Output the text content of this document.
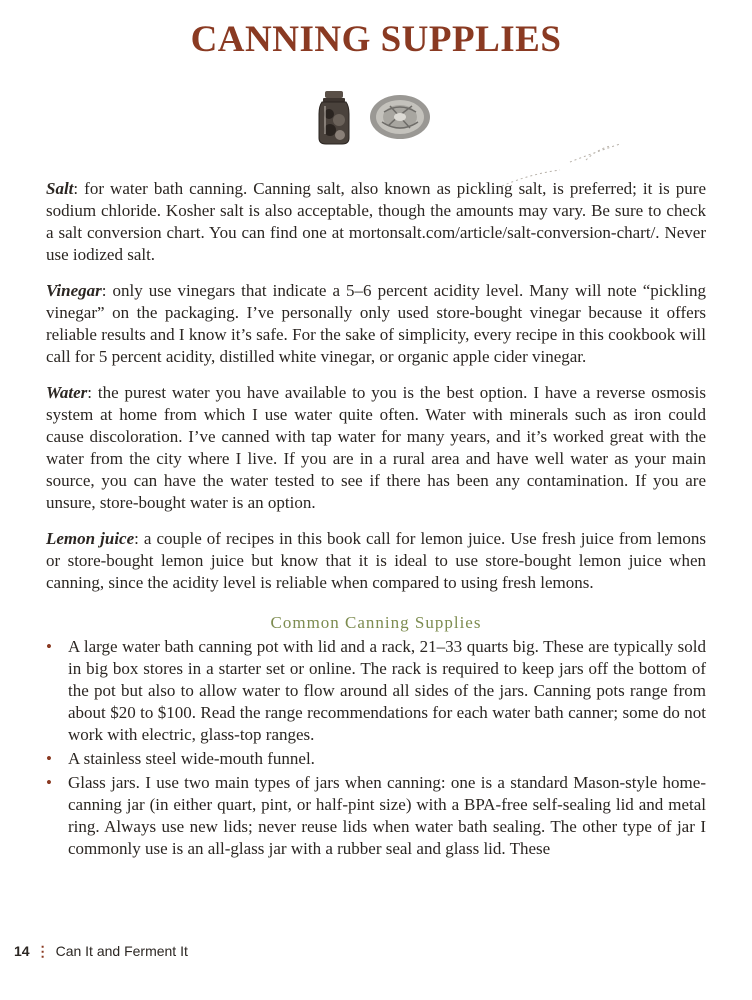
CANNING SUPPLIES

Salt: for water bath canning. Canning salt, also known as pickling salt, is preferred; it is pure sodium chloride. Kosher salt is also acceptable, though the amounts may vary. Be sure to check a salt conversion chart. You can find one at mortonsalt.com/article/salt-conversion-chart/. Never use iodized salt.

Vinegar: only use vinegars that indicate a 5–6 percent acidity level. Many will note “pickling vinegar” on the packaging. I’ve personally only used store-bought vinegar because it offers reliable results and I know it’s safe. For the sake of simplicity, every recipe in this cookbook will call for 5 percent acidity, distilled white vinegar, or organic apple cider vinegar.

Water: the purest water you have available to you is the best option. I have a reverse osmosis system at home from which I use water quite often. Water with minerals such as iron could cause discoloration. I’ve canned with tap water for many years, and it’s worked great with the water from the city where I live. If you are in a rural area and have well water as your main source, you can have the water tested to see if there has been any contamination. If you are unsure, store-bought water is an option.

Lemon juice: a couple of recipes in this book call for lemon juice. Use fresh juice from lemons or store-bought lemon juice but know that it is ideal to use store-bought lemon juice when canning, since the acidity level is reliable when compared to using fresh lemons.

Common Canning Supplies
• A large water bath canning pot with lid and a rack, 21–33 quarts big. These are typically sold in big box stores in a starter set or online. The rack is required to keep jars off the bottom of the pot but also to allow water to flow around all sides of the jars. Canning pots range from about $20 to $100. Read the range recommendations for each water bath canner; some do not work with electric, glass-top ranges.
• A stainless steel wide-mouth funnel.
• Glass jars. I use two main types of jars when canning: one is a standard Mason-style home-canning jar (in either quart, pint, or half-pint size) with a BPA-free self-sealing lid and metal ring. Always use new lids; never reuse lids when water bath sealing. The other type of jar I commonly use is an all-glass jar with a rubber seal and glass lid. These
14 ⋮ Can It and Ferment It
